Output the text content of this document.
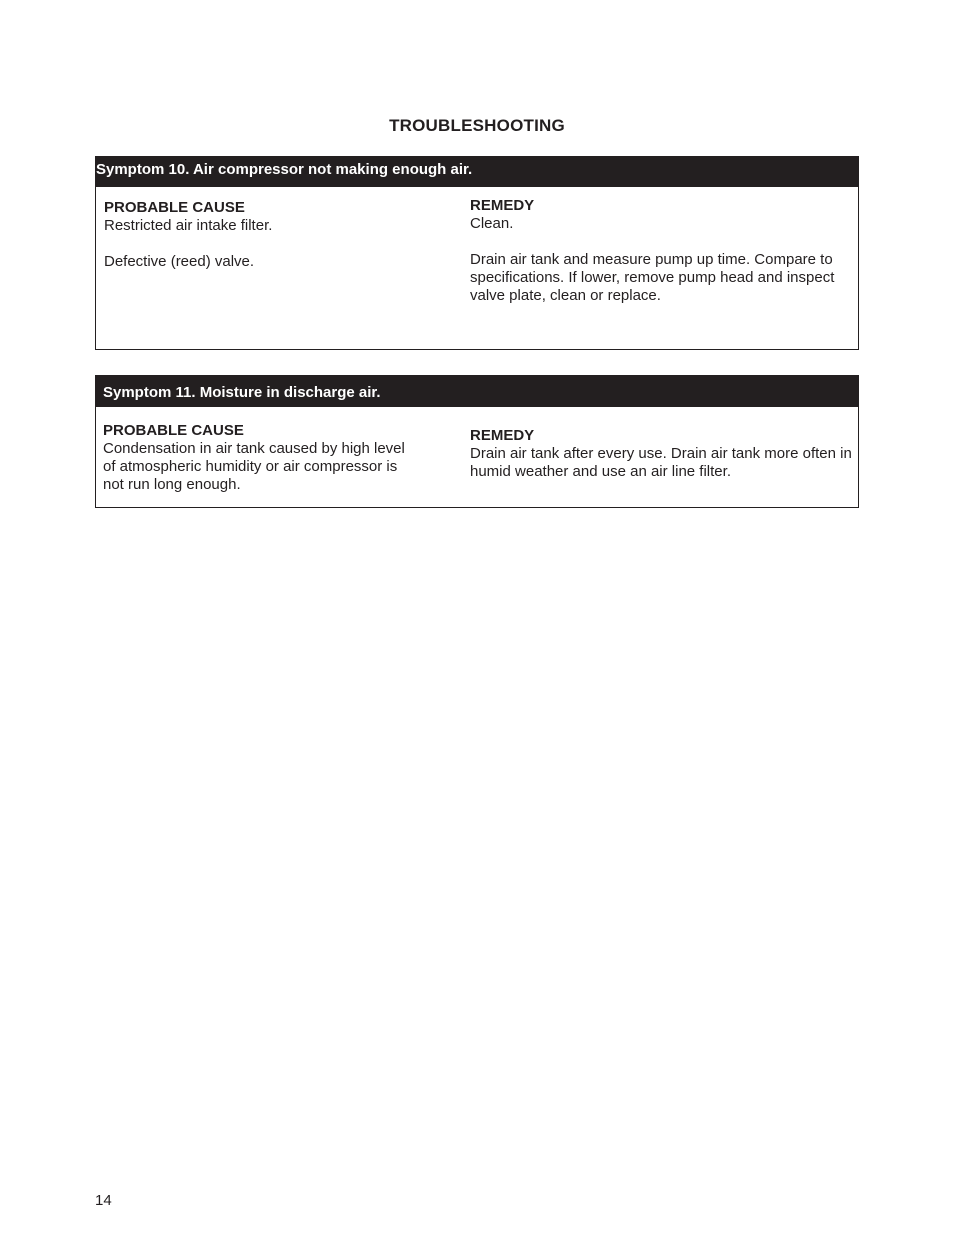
TROUBLESHOOTING
Symptom 10. Air compressor not making enough air.
PROBABLE CAUSE
Restricted air intake filter.
Defective (reed) valve.
REMEDY
Clean.
Drain air tank and measure pump up time. Compare to specifications. If lower, remove pump head and inspect valve plate, clean or replace.
Symptom 11. Moisture in discharge air.
PROBABLE CAUSE
Condensation in air tank caused by high level of atmospheric humidity or air compressor is not run long enough.
REMEDY
Drain air tank after every use. Drain air tank more often in humid weather and use an air line filter.
14
